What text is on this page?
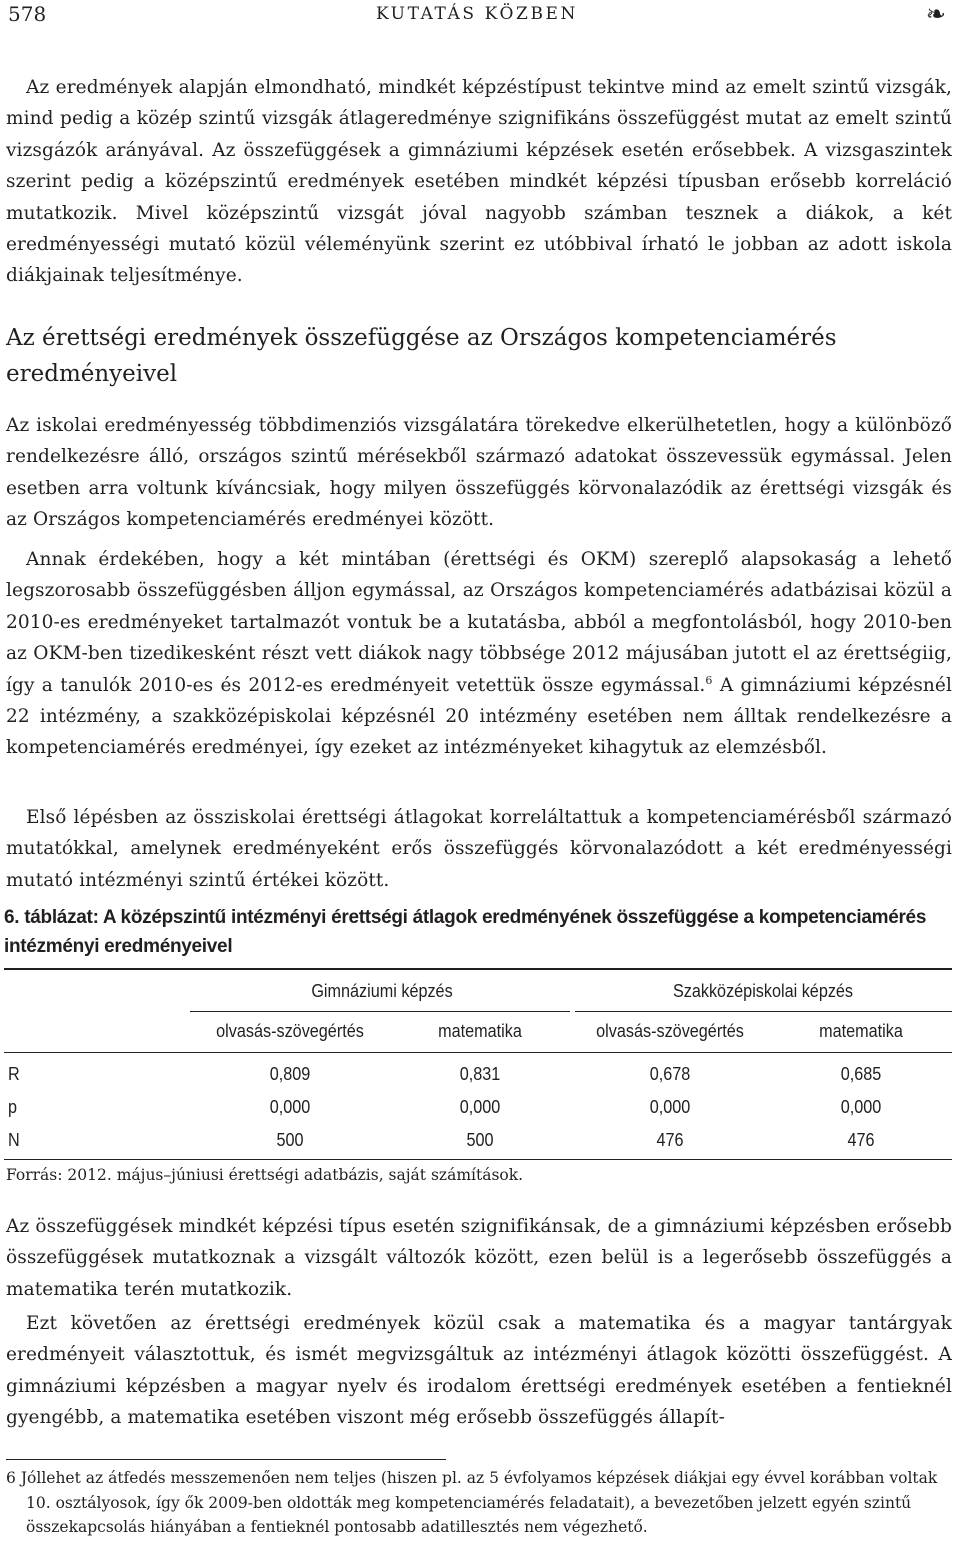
578	KUTATÁS KÖZBEN	❧

Az eredmények alapján elmondható, mindkét képzéstípust tekintve mind az emelt szintű vizsgák, mind pedig a közép szintű vizsgák átlageredménye szignifikáns összefüggést mutat az emelt szintű vizsgázók arányával. Az összefüggések a gimnáziumi képzések esetén erősebbek. A vizsgaszintek szerint pedig a középszintű eredmények esetében mindkét képzési típusban erősebb korreláció mutatkozik. Mivel középszintű vizsgát jóval nagyobb számban tesznek a diákok, a két eredményességi mutató közül véleményünk szerint ez utóbbival írható le jobban az adott iskola diákjainak teljesítménye.

Az érettségi eredmények összefüggése az Országos kompetenciamérés eredményeivel

Az iskolai eredményesség többdimenziós vizsgálatára törekedve elkerülhetetlen, hogy a különböző rendelkezésre álló, országos szintű mérésekből származó adatokat összevessük egymással. Jelen esetben arra voltunk kíváncsiak, hogy milyen összefüggés körvonalazódik az érettségi vizsgák és az Országos kompetenciamérés eredményei között.

Annak érdekében, hogy a két mintában (érettségi és OKM) szereplő alapsokaság a lehető legszorosabb összefüggésben álljon egymással, az Országos kompetenciamérés adatbázisai közül a 2010-es eredményeket tartalmazót vontuk be a kutatásba, abból a megfontolásból, hogy 2010-ben az OKM-ben tizedikesként részt vett diákok nagy többsége 2012 májusában jutott el az érettségiig, így a tanulók 2010-es és 2012-es eredményeit vetettük össze egymással.$^6$ A gimnáziumi képzésnél 22 intézmény, a szakközépiskolai képzésnél 20 intézmény esetében nem álltak rendelkezésre a kompetenciamérés eredményei, így ezeket az intézményeket kihagytuk az elemzésből.

Első lépésben az össziskolai érettségi átlagokat korreláltattuk a kompetenciamérésből származó mutatókkal, amelynek eredményeként erős összefüggés körvonalazódott a két eredményességi mutató intézményi szintű értékei között.

6. táblázat: A középszintű intézményi érettségi átlagok eredményének összefüggése a kompetenciamérés intézményi eredményeivel

Gimnáziumi képzés	Szakközépiskolai képzés
olvasás-szövegértés	matematika	olvasás-szövegértés	matematika
R	0,809	0,831	0,678	0,685
p	0,000	0,000	0,000	0,000
N	500	500	476	476
Forrás: 2012. május–júniusi érettségi adatbázis, saját számítások.

Az összefüggések mindkét képzési típus esetén szignifikánsak, de a gimnáziumi képzésben erősebb összefüggések mutatkoznak a vizsgált változók között, ezen belül is a legerősebb összefüggés a matematika terén mutatkozik.

Ezt követően az érettségi eredmények közül csak a matematika és a magyar tantárgyak eredményeit választottuk, és ismét megvizsgáltuk az intézményi átlagok közötti összefüggést. A gimnáziumi képzésben a magyar nyelv és irodalom érettségi eredmények esetében a fentieknél gyengébb, a matematika esetében viszont még erősebb összefüggés állapít-

6 Jóllehet az átfedés messzemenően nem teljes (hiszen pl. az 5 évfolyamos képzések diákjai egy évvel korábban voltak 10. osztályosok, így ők 2009-ben oldották meg kompetenciamérés feladatait), a bevezetőben jelzett egyén szintű összekapcsolás hiányában a fentieknél pontosabb adatillesztés nem végezhető.
